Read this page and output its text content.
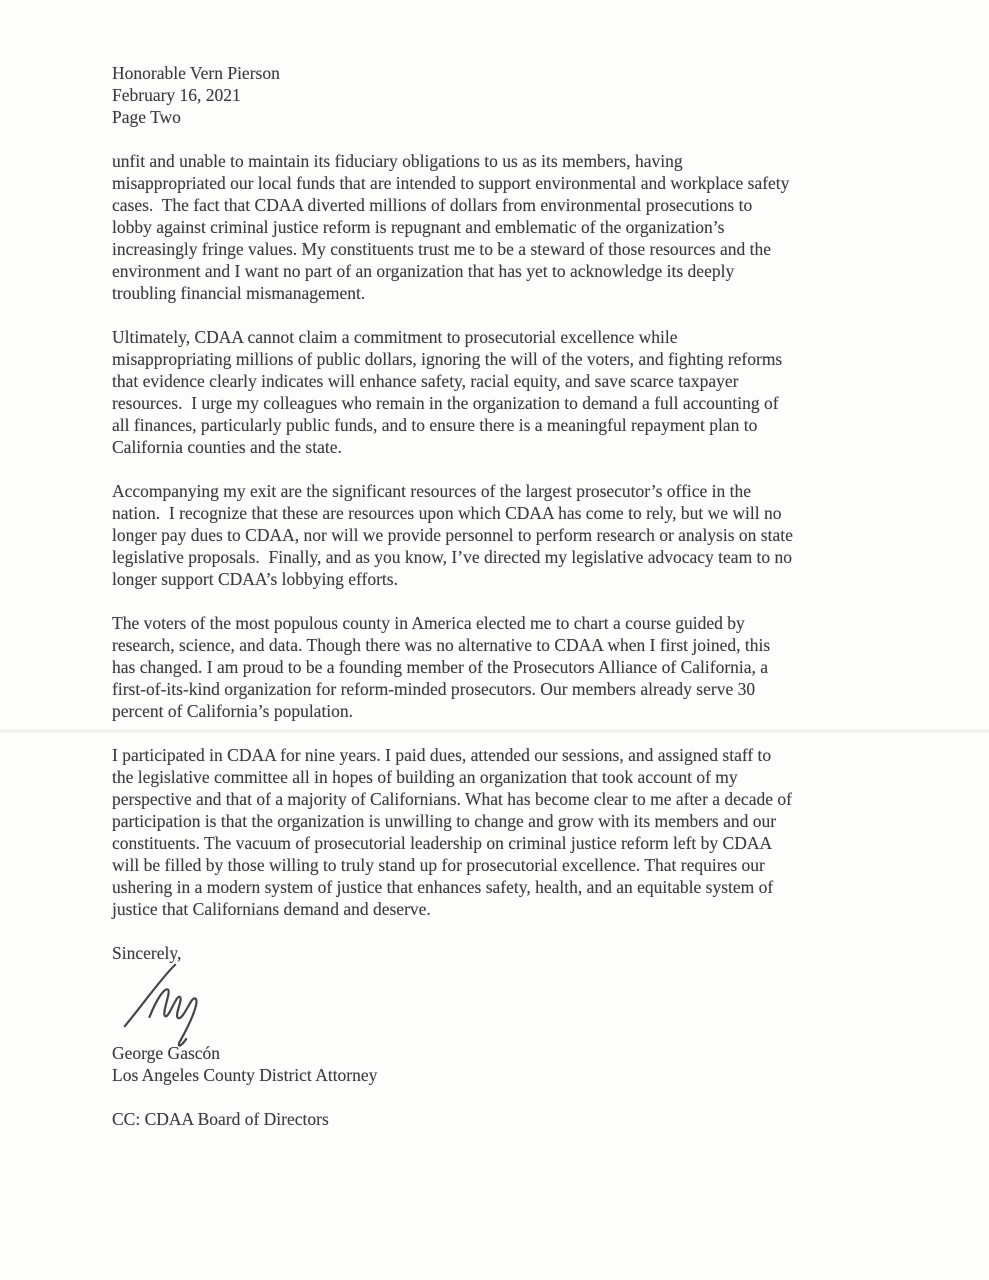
Honorable Vern Pierson
February 16, 2021
Page Two
unfit and unable to maintain its fiduciary obligations to us as its members, having
misappropriated our local funds that are intended to support environmental and workplace safety
cases.  The fact that CDAA diverted millions of dollars from environmental prosecutions to
lobby against criminal justice reform is repugnant and emblematic of the organization’s
increasingly fringe values. My constituents trust me to be a steward of those resources and the
environment and I want no part of an organization that has yet to acknowledge its deeply
troubling financial mismanagement.
Ultimately, CDAA cannot claim a commitment to prosecutorial excellence while
misappropriating millions of public dollars, ignoring the will of the voters, and fighting reforms
that evidence clearly indicates will enhance safety, racial equity, and save scarce taxpayer
resources.  I urge my colleagues who remain in the organization to demand a full accounting of
all finances, particularly public funds, and to ensure there is a meaningful repayment plan to
California counties and the state.
Accompanying my exit are the significant resources of the largest prosecutor’s office in the
nation.  I recognize that these are resources upon which CDAA has come to rely, but we will no
longer pay dues to CDAA, nor will we provide personnel to perform research or analysis on state
legislative proposals.  Finally, and as you know, I’ve directed my legislative advocacy team to no
longer support CDAA’s lobbying efforts.
The voters of the most populous county in America elected me to chart a course guided by
research, science, and data. Though there was no alternative to CDAA when I first joined, this
has changed. I am proud to be a founding member of the Prosecutors Alliance of California, a
first-of-its-kind organization for reform-minded prosecutors. Our members already serve 30
percent of California’s population.
I participated in CDAA for nine years. I paid dues, attended our sessions, and assigned staff to
the legislative committee all in hopes of building an organization that took account of my
perspective and that of a majority of Californians. What has become clear to me after a decade of
participation is that the organization is unwilling to change and grow with its members and our
constituents. The vacuum of prosecutorial leadership on criminal justice reform left by CDAA
will be filled by those willing to truly stand up for prosecutorial excellence. That requires our
ushering in a modern system of justice that enhances safety, health, and an equitable system of
justice that Californians demand and deserve.
Sincerely,
George Gascón
Los Angeles County District Attorney
CC: CDAA Board of Directors
